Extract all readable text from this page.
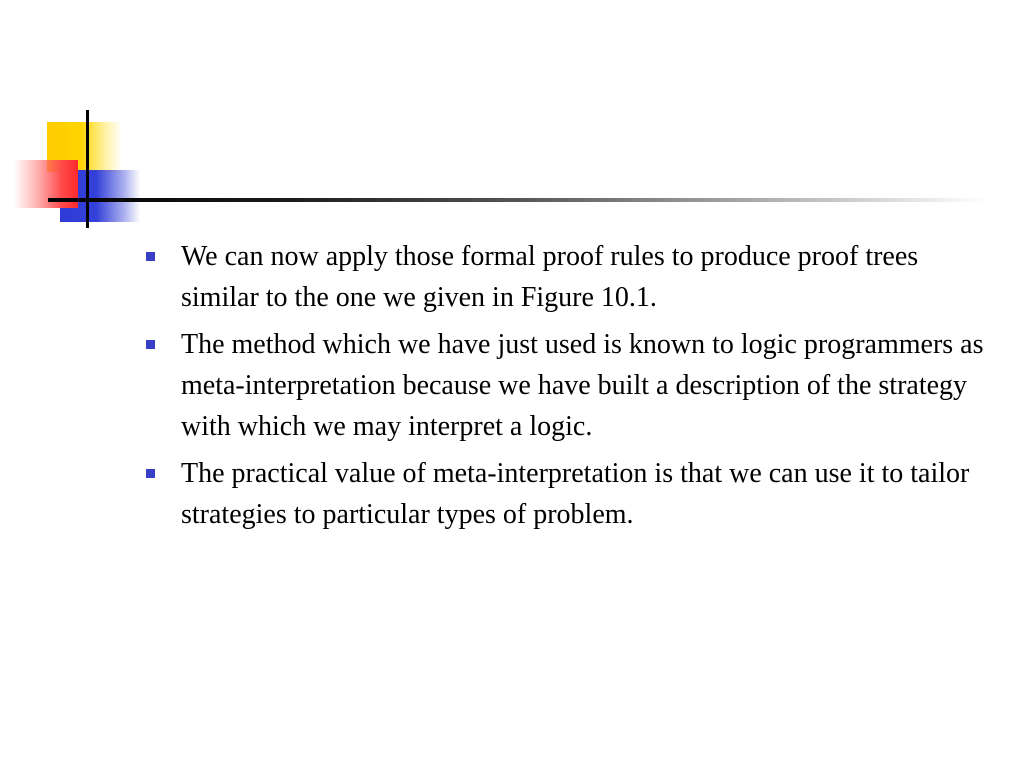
We can now apply those formal proof rules to produce proof trees similar to the one we given in Figure 10.1.
The method which we have just used is known to logic programmers as meta-interpretation because we have built a description of the strategy with which we may interpret a logic.
The practical value of meta-interpretation is that we can use it to tailor strategies to particular types of problem.
